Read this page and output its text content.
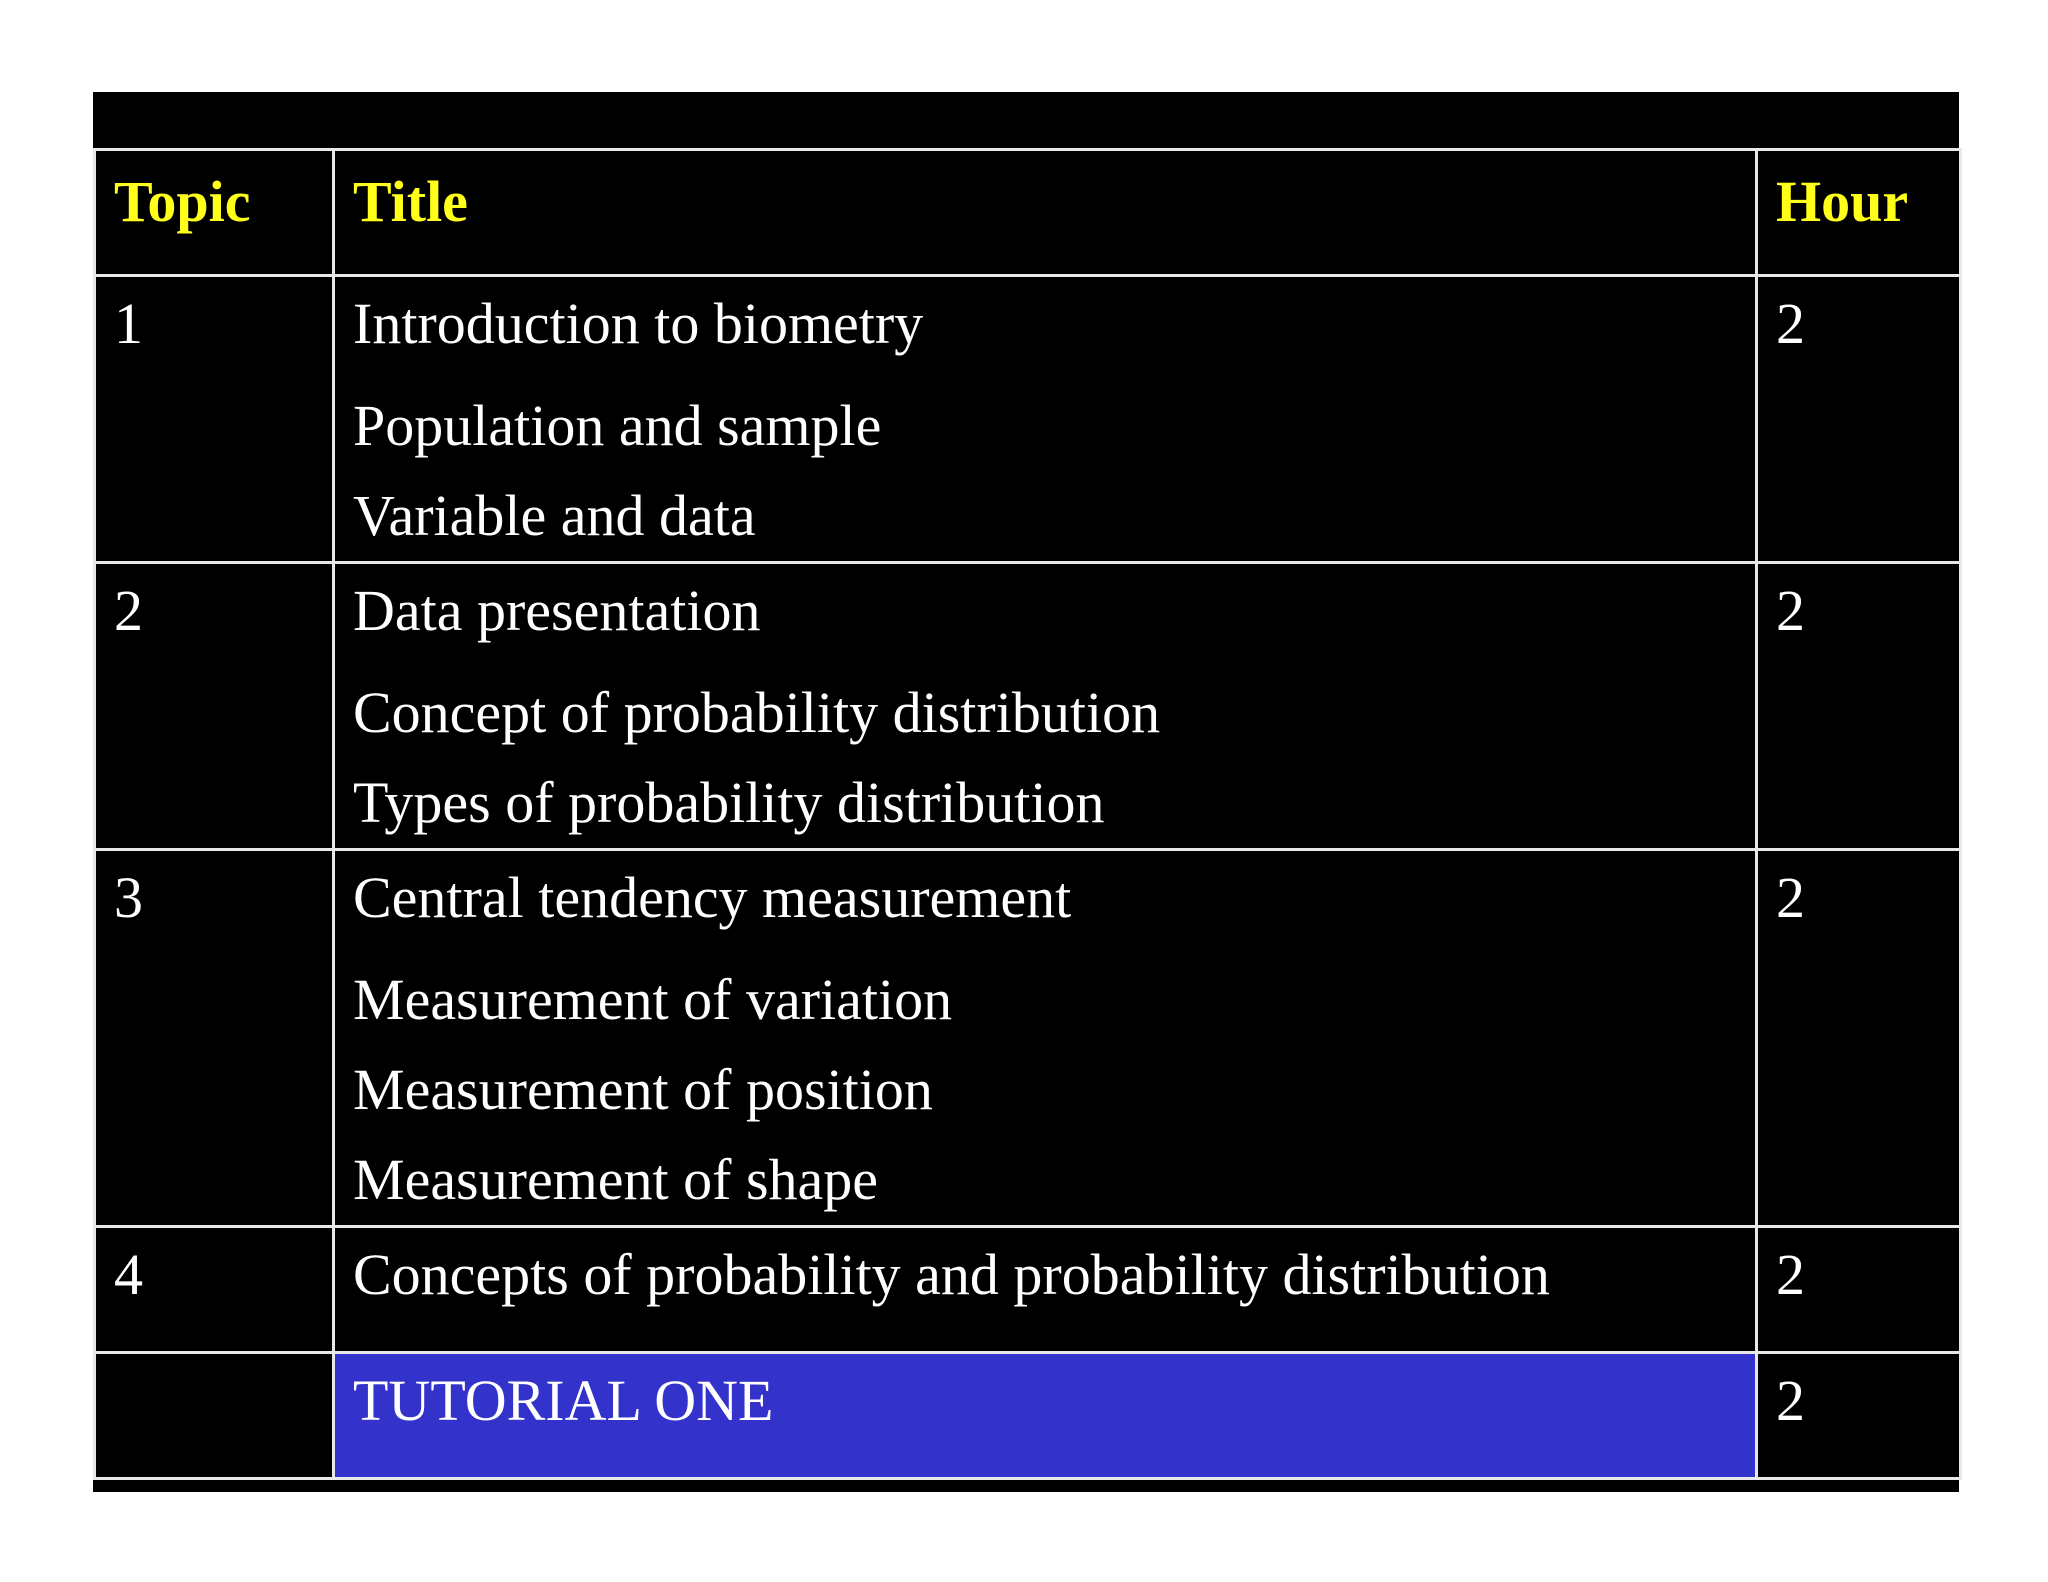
Topic	Title	Hour
1	Introduction to biometry
Population and sample
Variable and data	2
2	Data presentation
Concept of probability distribution
Types of probability distribution	2
3	Central tendency measurement
Measurement of variation
Measurement of position
Measurement of shape	2
4	Concepts of probability and probability distribution	2

	TUTORIAL ONE	2
